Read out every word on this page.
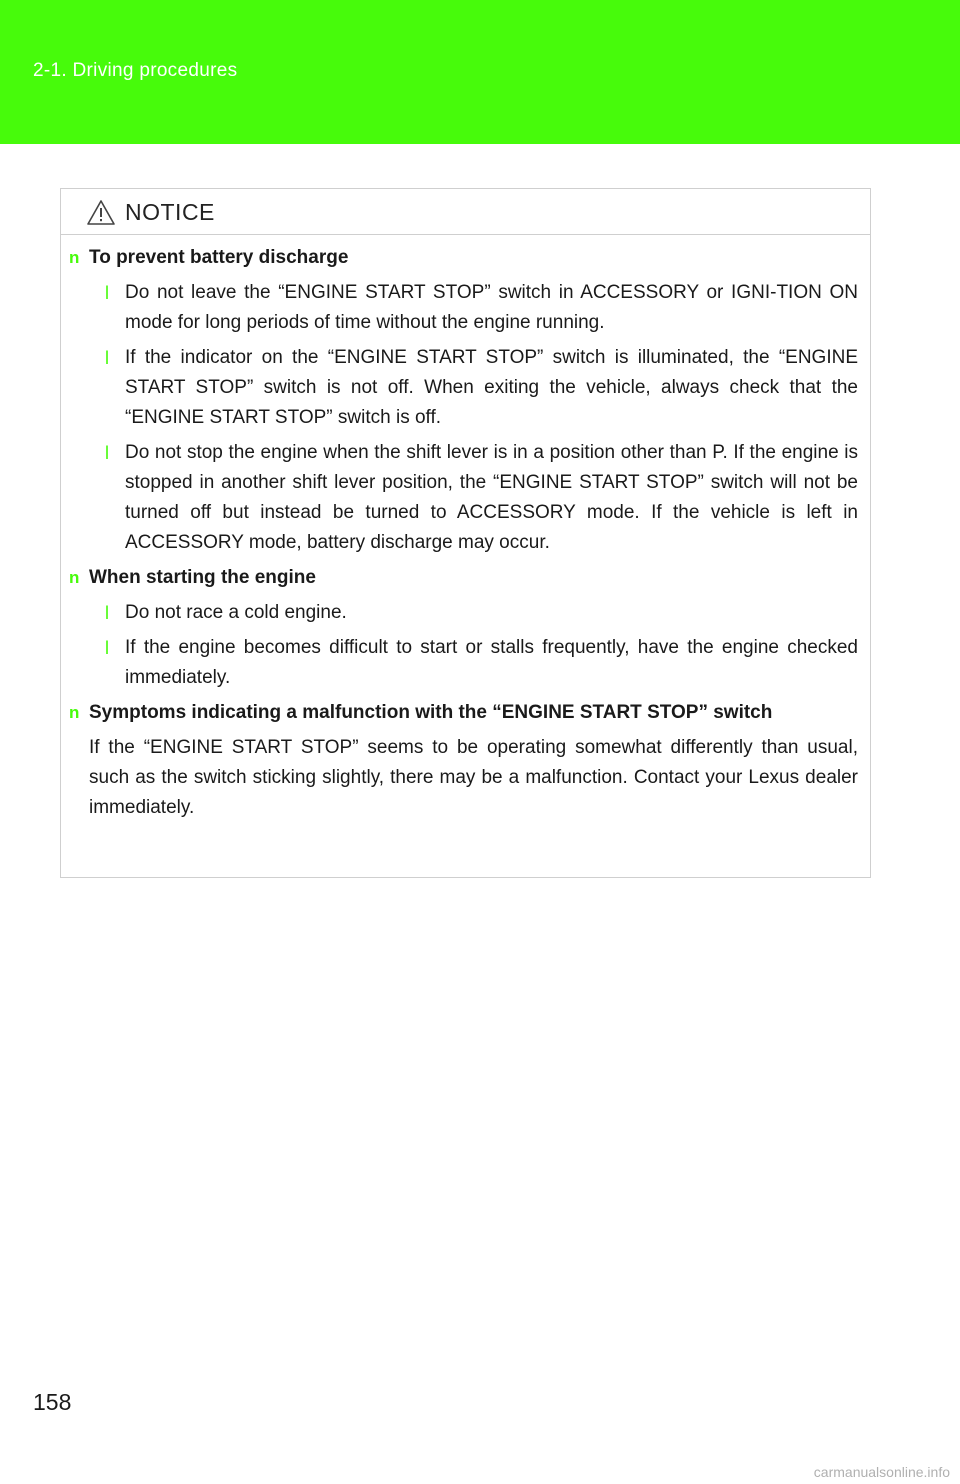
2-1. Driving procedures
NOTICE
n To prevent battery discharge
l Do not leave the “ENGINE START STOP” switch in ACCESSORY or IGNI-TION ON mode for long periods of time without the engine running.
l If the indicator on the “ENGINE START STOP” switch is illuminated, the “ENGINE START STOP” switch is not off. When exiting the vehicle, always check that the “ENGINE START STOP” switch is off.
l Do not stop the engine when the shift lever is in a position other than P. If the engine is stopped in another shift lever position, the “ENGINE START STOP” switch will not be turned off but instead be turned to ACCESSORY mode. If the vehicle is left in ACCESSORY mode, battery discharge may occur.
n When starting the engine
l Do not race a cold engine.
l If the engine becomes difficult to start or stalls frequently, have the engine checked immediately.
n Symptoms indicating a malfunction with the “ENGINE START STOP” switch
If the “ENGINE START STOP” seems to be operating somewhat differently than usual, such as the switch sticking slightly, there may be a malfunction. Contact your Lexus dealer immediately.
158
carmanualsonline.info
